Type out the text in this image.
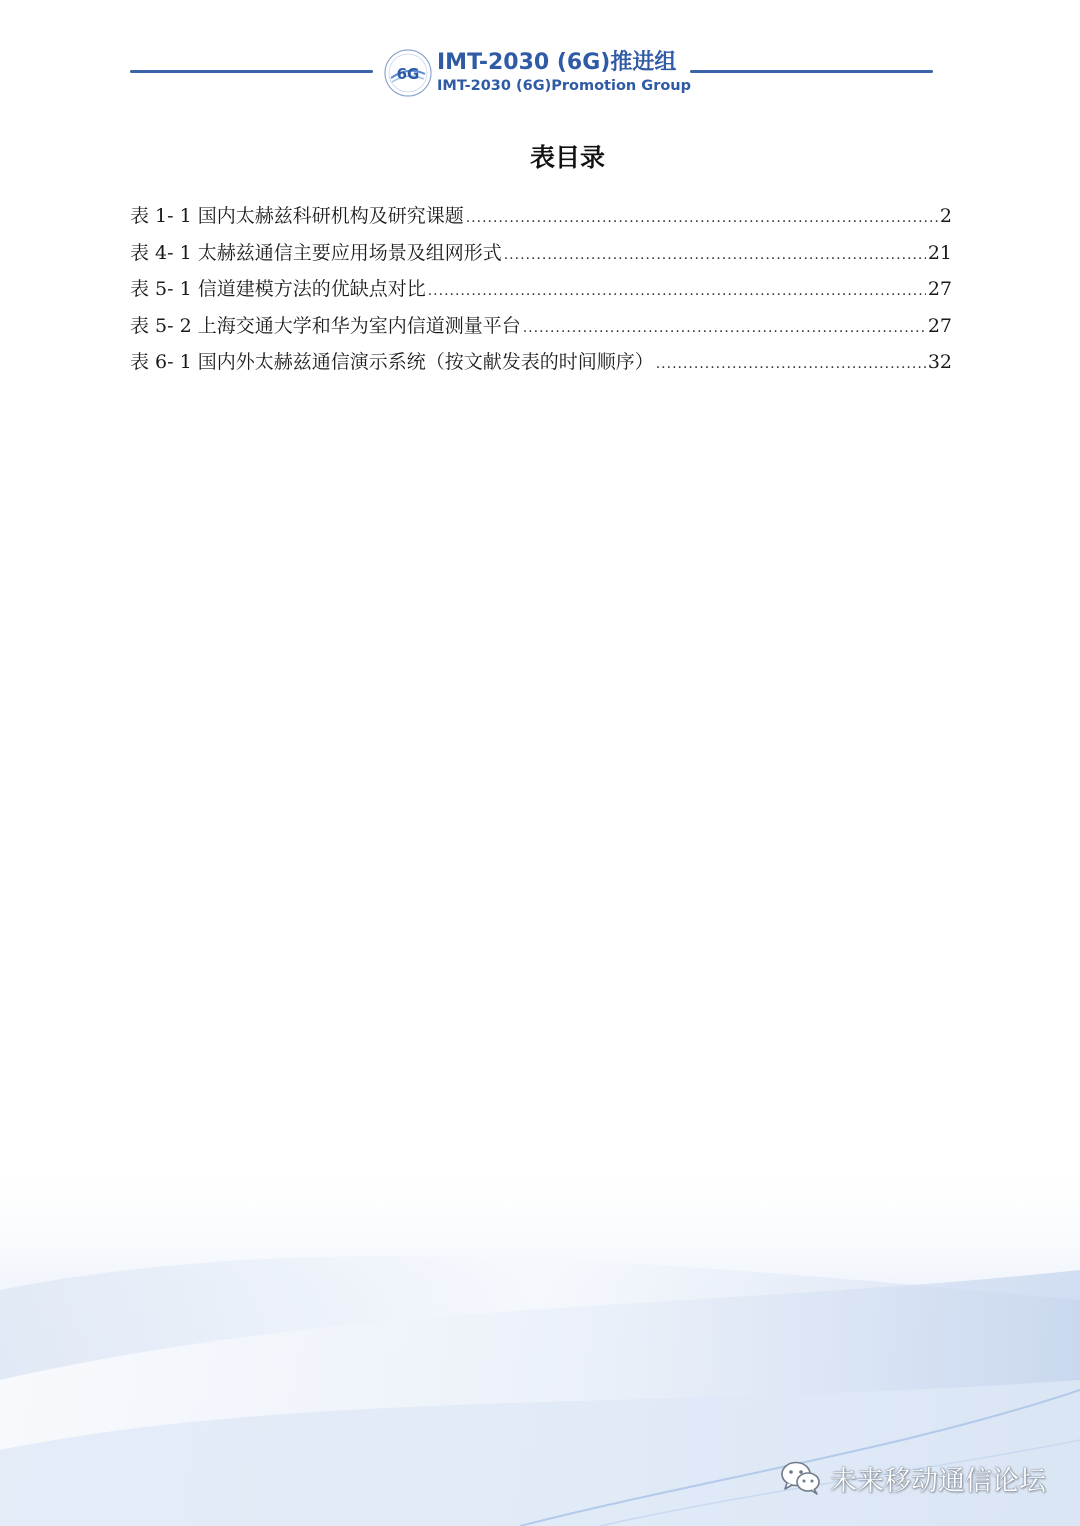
6G IMT-2030 (6G)推进组
IMT-2030 (6G)Promotion Group
表目录
表 1- 1 国内太赫兹科研机构及研究课题 .....	2
表 4- 1 太赫兹通信主要应用场景及组网形式 .....	21
表 5- 1 信道建模方法的优缺点对比 .....	27
表 5- 2 上海交通大学和华为室内信道测量平台 .....	27
表 6- 1 国内外太赫兹通信演示系统（按文献发表的时间顺序） .....	32
未来移动通信论坛
